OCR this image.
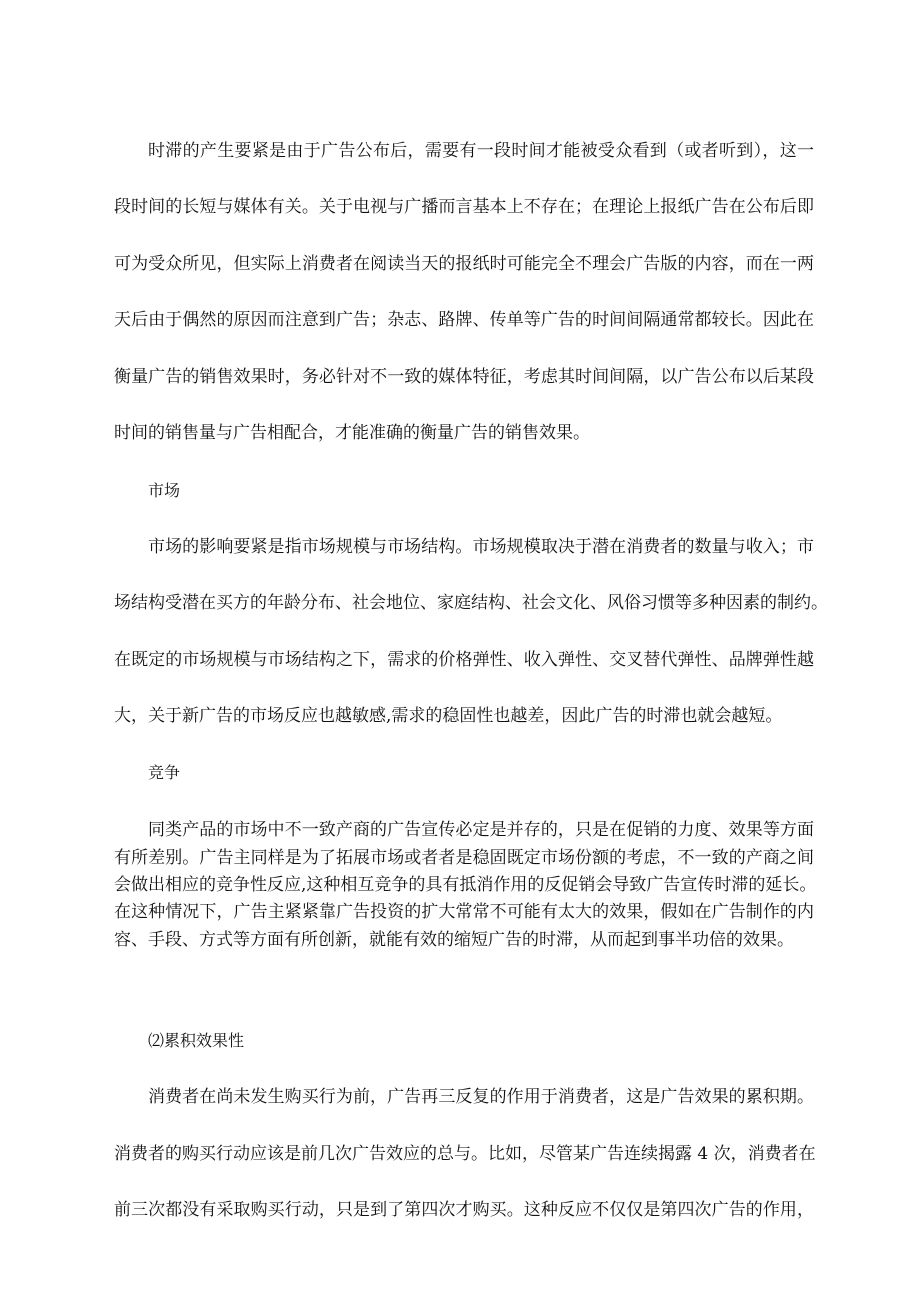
时滞的产生要紧是由于广告公布后，需要有一段时间才能被受众看到（或者听到），这一
段时间的长短与媒体有关。关于电视与广播而言基本上不存在；在理论上报纸广告在公布后即
可为受众所见，但实际上消费者在阅读当天的报纸时可能完全不理会广告版的内容，而在一两
天后由于偶然的原因而注意到广告；杂志、路牌、传单等广告的时间间隔通常都较长。因此在
衡量广告的销售效果时，务必针对不一致的媒体特征，考虑其时间间隔，以广告公布以后某段
时间的销售量与广告相配合，才能准确的衡量广告的销售效果。
市场
市场的影响要紧是指市场规模与市场结构。市场规模取决于潜在消费者的数量与收入；市
场结构受潜在买方的年龄分布、社会地位、家庭结构、社会文化、风俗习惯等多种因素的制约。
在既定的市场规模与市场结构之下，需求的价格弹性、收入弹性、交叉替代弹性、品牌弹性越
大，关于新广告的市场反应也越敏感,需求的稳固性也越差，因此广告的时滞也就会越短。
竞争
同类产品的市场中不一致产商的广告宣传必定是并存的，只是在促销的力度、效果等方面
有所差别。广告主同样是为了拓展市场或者者是稳固既定市场份额的考虑，不一致的产商之间
会做出相应的竞争性反应,这种相互竞争的具有抵消作用的反促销会导致广告宣传时滞的延长。
在这种情况下，广告主紧紧靠广告投资的扩大常常不可能有太大的效果，假如在广告制作的内
容、手段、方式等方面有所创新，就能有效的缩短广告的时滞，从而起到事半功倍的效果。
⑵累积效果性
消费者在尚未发生购买行为前，广告再三反复的作用于消费者，这是广告效果的累积期。
消费者的购买行动应该是前几次广告效应的总与。比如，尽管某广告连续揭露 4 次，消费者在
前三次都没有采取购买行动，只是到了第四次才购买。这种反应不仅仅是第四次广告的作用，
